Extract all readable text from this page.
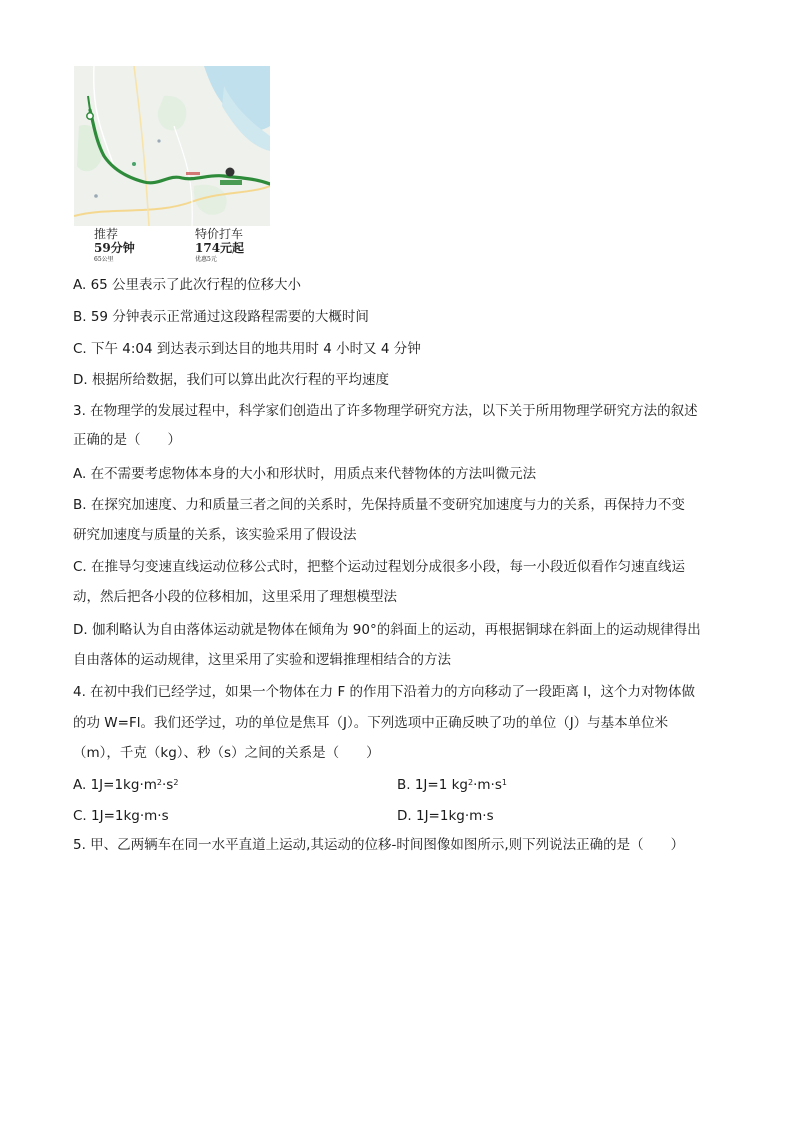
推荐
59分钟
65公里
特价打车
174元起
优惠5元
A. 65 公里表示了此次行程的位移大小
B. 59 分钟表示正常通过这段路程需要的大概时间
C. 下午 4:04 到达表示到达目的地共用时 4 小时又 4 分钟
D. 根据所给数据，我们可以算出此次行程的平均速度
3. 在物理学的发展过程中，科学家们创造出了许多物理学研究方法，以下关于所用物理学研究方法的叙述
正确的是（　　）
A. 在不需要考虑物体本身的大小和形状时，用质点来代替物体的方法叫微元法
B. 在探究加速度、力和质量三者之间的关系时，先保持质量不变研究加速度与力的关系，再保持力不变
研究加速度与质量的关系，该实验采用了假设法
C. 在推导匀变速直线运动位移公式时，把整个运动过程划分成很多小段，每一小段近似看作匀速直线运
动，然后把各小段的位移相加，这里采用了理想模型法
D. 伽利略认为自由落体运动就是物体在倾角为 90°的斜面上的运动，再根据铜球在斜面上的运动规律得出
自由落体的运动规律，这里采用了实验和逻辑推理相结合的方法
4. 在初中我们已经学过，如果一个物体在力 F 的作用下沿着力的方向移动了一段距离 l，这个力对物体做
的功 W=Fl。我们还学过，功的单位是焦耳（J）。下列选项中正确反映了功的单位（J）与基本单位米
（m），千克（kg）、秒（s）之间的关系是（　　）
A. $1J=1kg\cdot m^2\cdot s^2$	B. 1J=1 $kg^2\cdot m\cdot s^1$
C. 1J=1kg·m·s	D. 1J=1kg·m·s
5. 甲、乙两辆车在同一水平直道上运动,其运动的位移-时间图像如图所示,则下列说法正确的是（　　）
